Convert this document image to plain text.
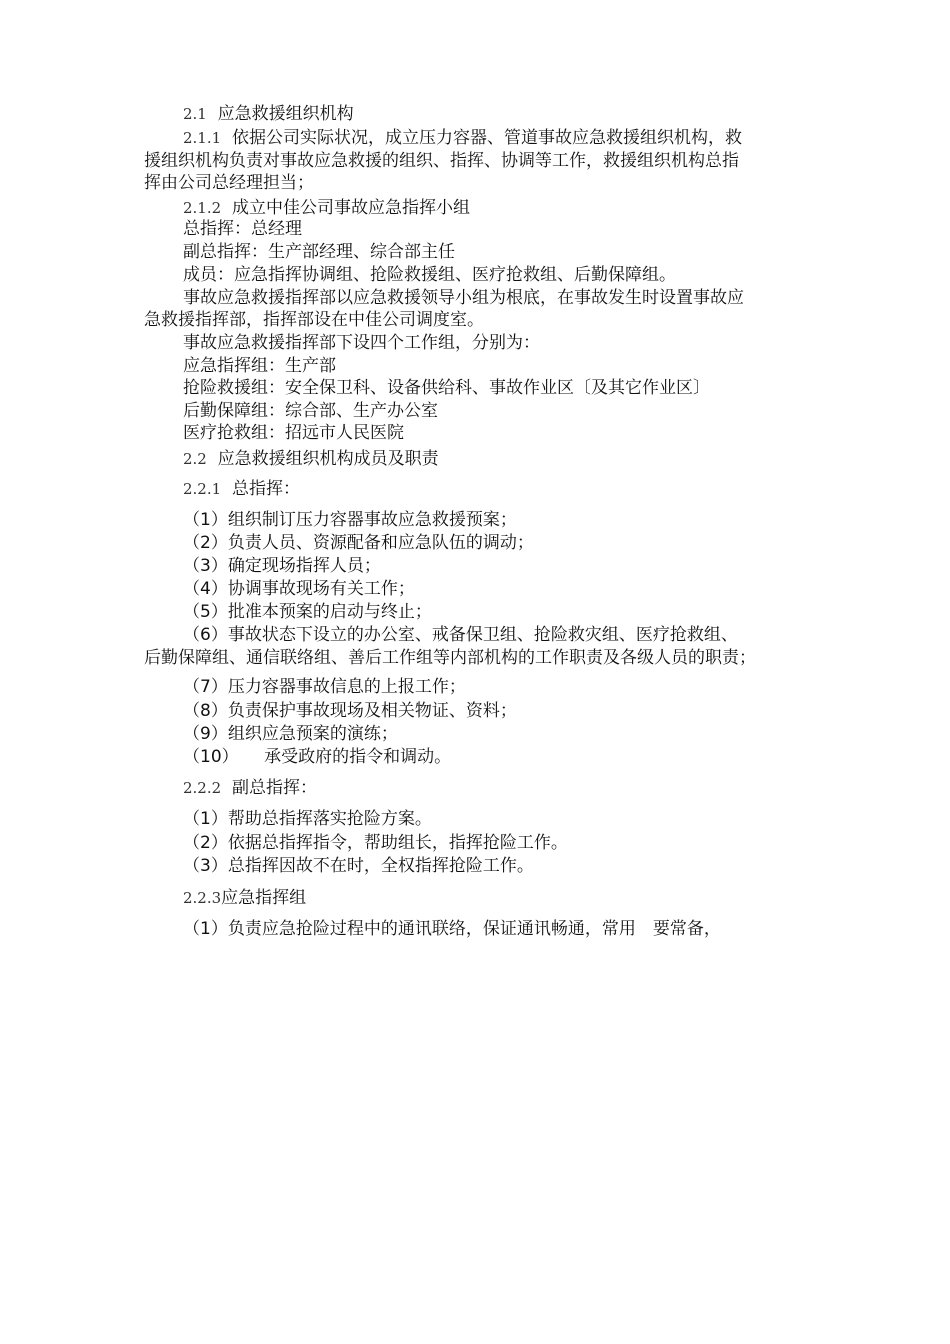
2.1 应急救援组织机构
2.1.1 依据公司实际状况，成立压力容器、管道事故应急救援组织机构，救
援组织机构负责对事故应急救援的组织、指挥、协调等工作，救援组织机构总指
挥由公司总经理担当；
2.1.2 成立中佳公司事故应急指挥小组
总指挥：总经理
副总指挥：生产部经理、综合部主任
成员：应急指挥协调组、抢险救援组、医疗抢救组、后勤保障组。
事故应急救援指挥部以应急救援领导小组为根底，在事故发生时设置事故应
急救援指挥部，指挥部设在中佳公司调度室。
事故应急救援指挥部下设四个工作组，分别为：
应急指挥组：生产部
抢险救援组：安全保卫科、设备供给科、事故作业区〔及其它作业区〕
后勤保障组：综合部、生产办公室
医疗抢救组：招远市人民医院
2.2 应急救援组织机构成员及职责
2.2.1 总指挥：
（1）组织制订压力容器事故应急救援预案；
（2）负责人员、资源配备和应急队伍的调动；
（3）确定现场指挥人员；
（4）协调事故现场有关工作；
（5）批准本预案的启动与终止；
（6）事故状态下设立的办公室、戒备保卫组、抢险救灾组、医疗抢救组、
后勤保障组、通信联络组、善后工作组等内部机构的工作职责及各级人员的职责；
（7）压力容器事故信息的上报工作；
（8）负责保护事故现场及相关物证、资料；
（9）组织应急预案的演练；
（10）　　承受政府的指令和调动。
2.2.2 副总指挥：
（1）帮助总指挥落实抢险方案。
（2）依据总指挥指令，帮助组长，指挥抢险工作。
（3）总指挥因故不在时，全权指挥抢险工作。
2.2.3应急指挥组
（1）负责应急抢险过程中的通讯联络，保证通讯畅通，常用　要常备，
